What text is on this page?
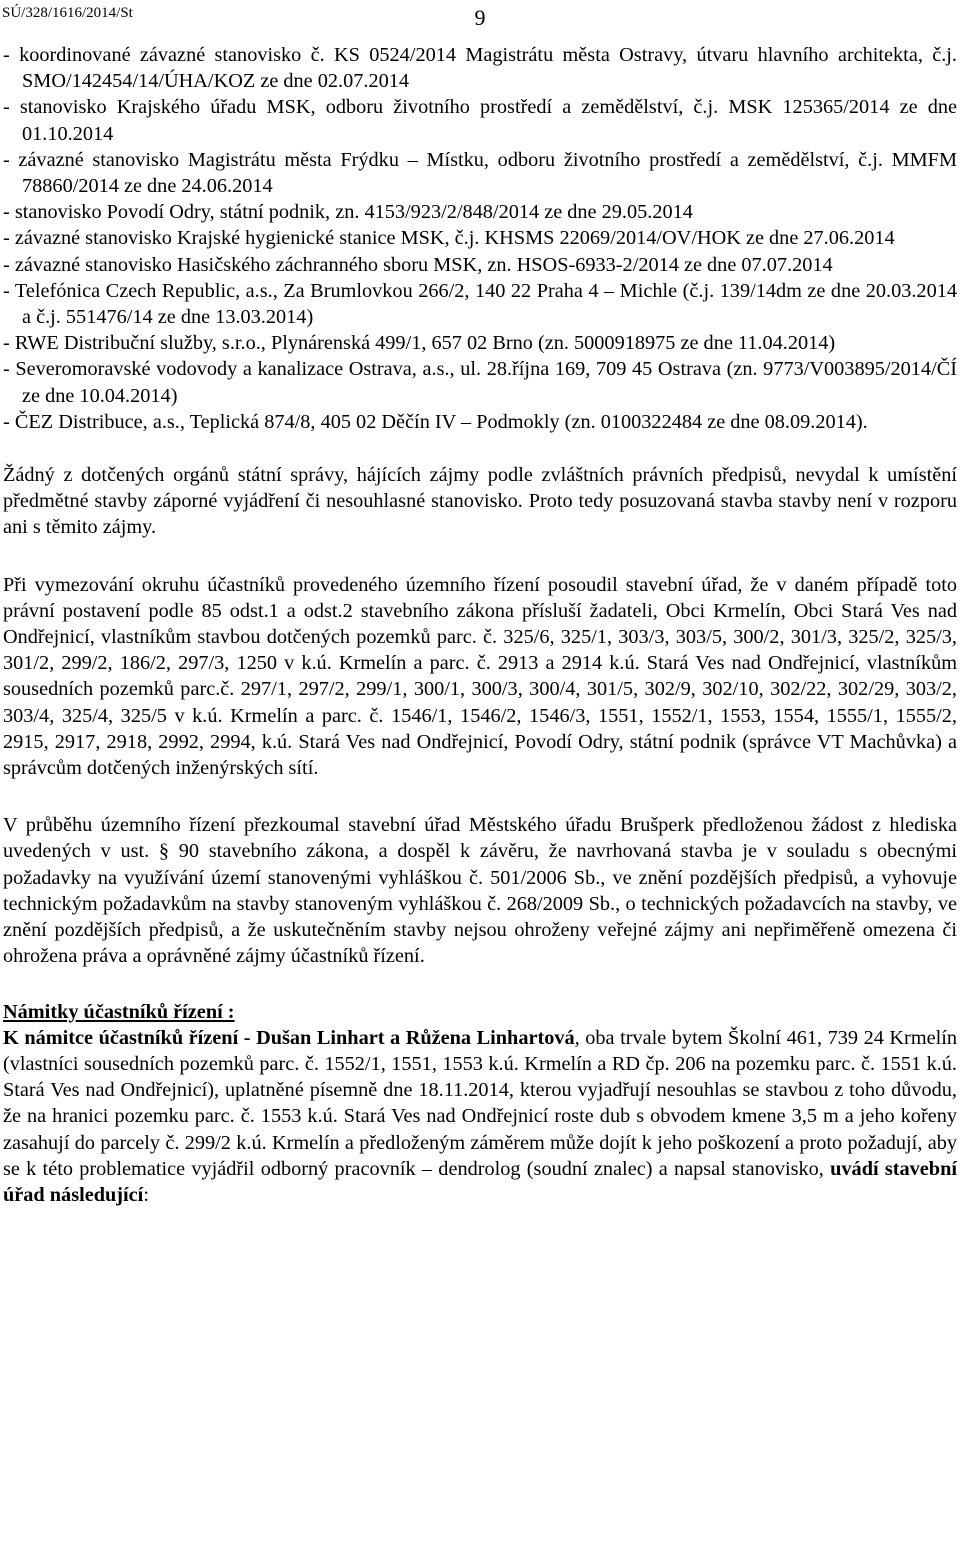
SÚ/328/1616/2014/St	9
- koordinované závazné stanovisko č. KS 0524/2014 Magistrátu města Ostravy, útvaru hlavního architekta, č.j. SMO/142454/14/ÚHA/KOZ ze dne 02.07.2014
- stanovisko Krajského úřadu MSK, odboru životního prostředí a zemědělství, č.j. MSK 125365/2014 ze dne 01.10.2014
- závazné stanovisko Magistrátu města Frýdku – Místku, odboru životního prostředí a zemědělství, č.j. MMFM 78860/2014 ze dne 24.06.2014
- stanovisko Povodí Odry, státní podnik, zn. 4153/923/2/848/2014 ze dne 29.05.2014
- závazné stanovisko Krajské hygienické stanice MSK, č.j. KHSMS 22069/2014/OV/HOK ze dne 27.06.2014
- závazné stanovisko Hasičského záchranného sboru MSK, zn. HSOS-6933-2/2014 ze dne 07.07.2014
- Telefónica Czech Republic, a.s., Za Brumlovkou 266/2, 140 22 Praha 4 – Michle (č.j. 139/14dm ze dne 20.03.2014 a č.j. 551476/14 ze dne 13.03.2014)
- RWE Distribuční služby, s.r.o., Plynárenská 499/1, 657 02 Brno (zn. 5000918975 ze dne 11.04.2014)
- Severomoravské vodovody a kanalizace Ostrava, a.s., ul. 28.října 169, 709 45 Ostrava (zn. 9773/V003895/2014/ČÍ ze dne 10.04.2014)
- ČEZ Distribuce, a.s., Teplická 874/8, 405 02 Děčín IV – Podmokly (zn. 0100322484 ze dne 08.09.2014).

Žádný z dotčených orgánů státní správy, hájících zájmy podle zvláštních právních předpisů, nevydal k umístění předmětné stavby záporné vyjádření či nesouhlasné stanovisko. Proto tedy posuzovaná stavba stavby není v rozporu ani s těmito zájmy.

Při vymezování okruhu účastníků provedeného územního řízení posoudil stavební úřad, že v daném případě toto právní postavení podle 85 odst.1 a odst.2 stavebního zákona přísluší žadateli, Obci Krmelín, Obci Stará Ves nad Ondřejnicí, vlastníkům stavbou dotčených pozemků parc. č. 325/6, 325/1, 303/3, 303/5, 300/2, 301/3, 325/2, 325/3, 301/2, 299/2, 186/2, 297/3, 1250 v k.ú. Krmelín a parc. č. 2913 a 2914 k.ú. Stará Ves nad Ondřejnicí, vlastníkům sousedních pozemků parc.č. 297/1, 297/2, 299/1, 300/1, 300/3, 300/4, 301/5, 302/9, 302/10, 302/22, 302/29, 303/2, 303/4, 325/4, 325/5 v k.ú. Krmelín a parc. č. 1546/1, 1546/2, 1546/3, 1551, 1552/1, 1553, 1554, 1555/1, 1555/2, 2915, 2917, 2918, 2992, 2994, k.ú. Stará Ves nad Ondřejnicí, Povodí Odry, státní podnik (správce VT Machůvka) a správcům dotčených inženýrských sítí.

V průběhu územního řízení přezkoumal stavební úřad Městského úřadu Brušperk předloženou žádost z hlediska uvedených v ust. § 90 stavebního zákona, a dospěl k závěru, že navrhovaná stavba je v souladu s obecnými požadavky na využívání území stanovenými vyhláškou č. 501/2006 Sb., ve znění pozdějších předpisů, a vyhovuje technickým požadavkům na stavby stanoveným vyhláškou č. 268/2009 Sb., o technických požadavcích na stavby, ve znění pozdějších předpisů, a že uskutečněním stavby nejsou ohroženy veřejné zájmy ani nepřiměřeně omezena či ohrožena práva a oprávněné zájmy účastníků řízení.

Námitky účastníků řízení :

K námitce účastníků řízení - Dušan Linhart a Růžena Linhartová, oba trvale bytem Školní 461, 739 24 Krmelín (vlastníci sousedních pozemků parc. č. 1552/1, 1551, 1553 k.ú. Krmelín a RD čp. 206 na pozemku parc. č. 1551 k.ú. Stará Ves nad Ondřejnicí), uplatněné písemně dne 18.11.2014, kterou vyjadřují nesouhlas se stavbou z toho důvodu, že na hranici pozemku parc. č. 1553 k.ú. Stará Ves nad Ondřejnicí roste dub s obvodem kmene 3,5 m a jeho kořeny zasahují do parcely č. 299/2 k.ú. Krmelín a předloženým záměrem může dojít k jeho poškození a proto požadují, aby se k této problematice vyjádřil odborný pracovník – dendrolog (soudní znalec) a napsal stanovisko, uvádí stavební úřad následující:
